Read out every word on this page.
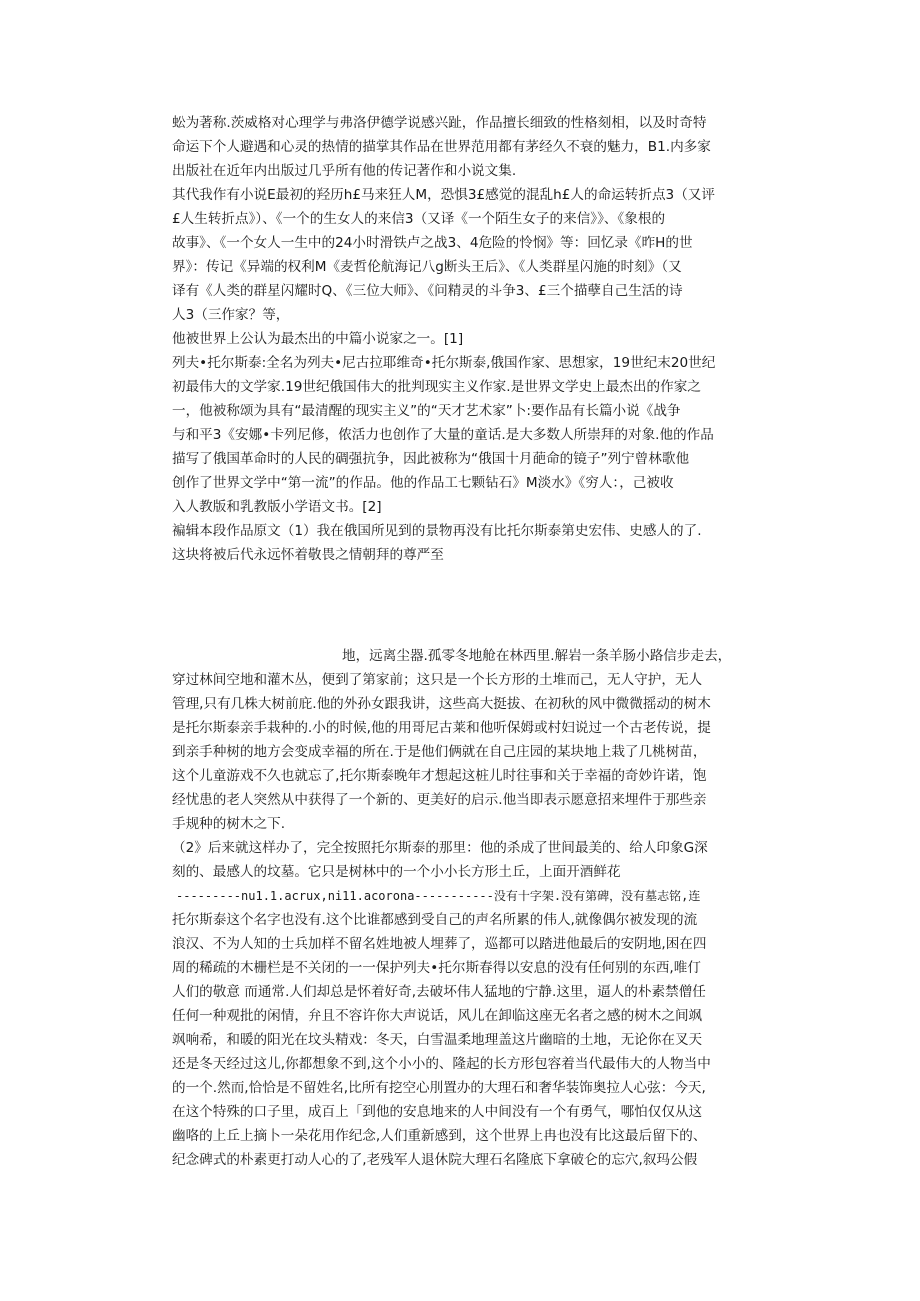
蚣为著称.茨威格对心理学与弗洛伊德学说感兴趾，作品擅长细致的性格刻相，以及时奇特
命运下个人避遇和心灵的热情的描掌其作品在世界范用都有茅经久不衰的魅力，B1.内多家
出版社在近年内出版过几乎所有他的传记著作和小说文集.
其代我作有小说E最初的羟历h£马来狂人M，恐惧3£感觉的混乱h£人的命运转折点3（又评
£人生转折点》）、《一个的生女人的来信3（又译《一个陌生女子的来信》》、《象根的
故事》、《一个女人一生中的24小时滑铁卢之战3、4危险的怜悯》等：回忆录《昨H的世
界》：传记《异端的权利M《麦哲伦航海记八g断头王后》、《人类群星闪施的时刻》（又
译有《人类的群星闪耀时Q、《三位大师》、《问精灵的斗争3、£三个描孽自己生活的诗
人3（三作家？等，
他被世界上公认为最杰出的中篇小说家之一。[1]
列夫•托尔斯泰:全名为列夫•尼古拉耶维奇•托尔斯泰,俄国作家、思想家，19世纪末20世纪
初最伟大的文学家.19世纪俄国伟大的批判现实主义作家.是世界文学史上最杰出的作家之
一，他被称颂为具有“最清醒的现实主义”的“天才艺术家”卜:要作品有长篇小说《战争
与和平3《安娜•卡列尼修，侬活力也创作了大量的童话.是大多数人所崇拜的对象.他的作品
描写了俄国革命时的人民的碉强抗争，因此被称为“俄国十月葩命的镜子”列宁曾林歌他
创作了世界文学中“第一流”的作品。他的作品工七颗钻石》M淡水》《穷人：，己被收
入人教版和乳教版小学语文书。[2]
褊辑本段作品原文（1）我在俄国所见到的景物再没有比托尔斯泰第史宏伟、史感人的了.
这块将被后代永远怀着敬畏之情朝拜的尊严至
地，远离尘器.孤零冬地舱在林西里.解岩一条羊肠小路信步走去，
穿过林间空地和灌木丛，便到了第家前；这只是一个长方形的土堆而己，无人守护，无人
管理,只有几株大树前庇.他的外孙女跟我讲，这些高大挺拔、在初秋的风中微微摇动的树木
是托尔斯泰亲手栽种的.小的时候,他的用哥尼古莱和他听保姆或村妇说过一个古老传说，提
到亲手种树的地方会变成幸福的所在.于是他们俩就在自己庄园的某块地上栽了几桃树苗，
这个儿童游戏不久也就忘了,托尔斯泰晚年才想起这桩儿时往事和关于幸福的奇妙许诺，饱
经忧患的老人突然从中获得了一个新的、更美好的启示.他当即表示愿意招来埋件于那些亲
手规种的树木之下.
（2》后来就这样办了，完全按照托尔斯泰的那里：他的杀成了世间最美的、给人印象G深
刻的、最感人的坟墓。它只是树林中的一个小小长方形土丘，上面开酒鲜花
---------nu1.1.acrux,ni11.acorona-----------没有十字架.没有第碑，没有墓志铭,连
托尔斯泰这个名字也没有.这个比谁都感到受自己的声名所累的伟人,就像偶尔被发现的流
浪汉、不为人知的士兵加样不留名姓地被人埋葬了，巡都可以踏进他最后的安阴地,困在四
周的稀疏的木栅栏是不关闭的一一保护列夫•托尔斯春得以安息的没有任何别的东西,唯仃
人们的敬意 而通常.人们却总是怀着好奇,去破坏伟人猛地的宁静.这里，逼人的朴素禁僧任
任何一种观批的闲情，弁且不容许你大声说话，风儿在卸临这座无名者之感的树木之间飒
飒响希，和暖的阳光在坟头精戏：冬天，白雪温柔地理盖这片幽暗的土地，无论你在叉天
还是冬天经过这儿,你都想象不到,这个小小的、隆起的长方形包容着当代最伟大的人物当中
的一个.然而,恰恰是不留姓名,比所有挖空心刖置办的大理石和奢华装饰奥拉人心弦：今天,
在这个特殊的口子里，成百上「到他的安息地来的人中间没有一个有勇气，哪怕仅仅从这
幽咯的上丘上摘卜一朵花用作纪念,人们重新感到，这个世界上冉也没有比这最后留下的、
纪念碑式的朴素更打动人心的了,老残军人退休院大理石名隆底下拿破仑的忘穴,叙玛公假
